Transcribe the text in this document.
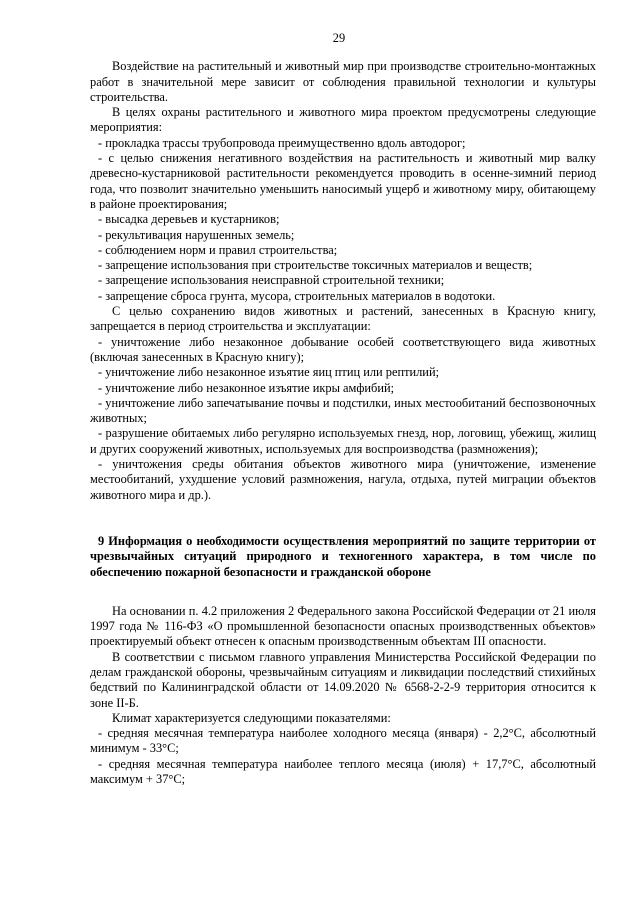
29

Воздействие на растительный и животный мир при производстве строительно-монтажных работ в значительной мере зависит от соблюдения правильной технологии и культуры строительства.

В целях охраны растительного и животного мира проектом предусмотрены следующие мероприятия:

- прокладка трассы трубопровода преимущественно вдоль автодорог;

- с целью снижения негативного воздействия на растительность и животный мир валку древесно-кустарниковой растительности рекомендуется проводить в осенне-зимний период года, что позволит значительно уменьшить наносимый ущерб и животному миру, обитающему в районе проектирования;

- высадка деревьев и кустарников;

- рекультивация нарушенных земель;

- соблюдением норм и правил строительства;

- запрещение использования при строительстве токсичных материалов и веществ;

- запрещение использования неисправной строительной техники;

- запрещение сброса грунта, мусора, строительных материалов в водотоки.

С целью сохранению видов животных и растений, занесенных в Красную книгу, запрещается в период строительства и эксплуатации:

- уничтожение либо незаконное добывание особей соответствующего вида животных (включая занесенных в Красную книгу);

- уничтожение либо незаконное изъятие яиц птиц или рептилий;

- уничтожение либо незаконное изъятие икры амфибий;

- уничтожение либо запечатывание почвы и подстилки, иных местообитаний беспозвоночных животных;

- разрушение обитаемых либо регулярно используемых гнезд, нор, логовищ, убежищ, жилищ и других сооружений животных, используемых для воспроизводства (размножения);

- уничтожения среды обитания объектов животного мира (уничтожение, изменение местообитаний, ухудшение условий размножения, нагула, отдыха, путей миграции объектов животного мира и др.).

9 Информация о необходимости осуществления мероприятий по защите территории от чрезвычайных ситуаций природного и техногенного характера, в том числе по обеспечению пожарной безопасности и гражданской обороне

На основании п. 4.2 приложения 2 Федерального закона Российской Федерации от 21 июля 1997 года № 116-ФЗ «О промышленной безопасности опасных производственных объектов» проектируемый объект отнесен к опасным производственным объектам III опасности.

В соответствии с письмом главного управления Министерства Российской Федерации по делам гражданской обороны, чрезвычайным ситуациям и ликвидации последствий стихийных бедствий по Калининградской области от 14.09.2020 № 6568-2-2-9 территория относится к зоне II-Б.

Климат характеризуется следующими показателями:

- средняя месячная температура наиболее холодного месяца (января) - 2,2°С, абсолютный минимум - 33°С;

- средняя месячная температура наиболее теплого месяца (июля) + 17,7°С, абсолютный максимум + 37°С;
